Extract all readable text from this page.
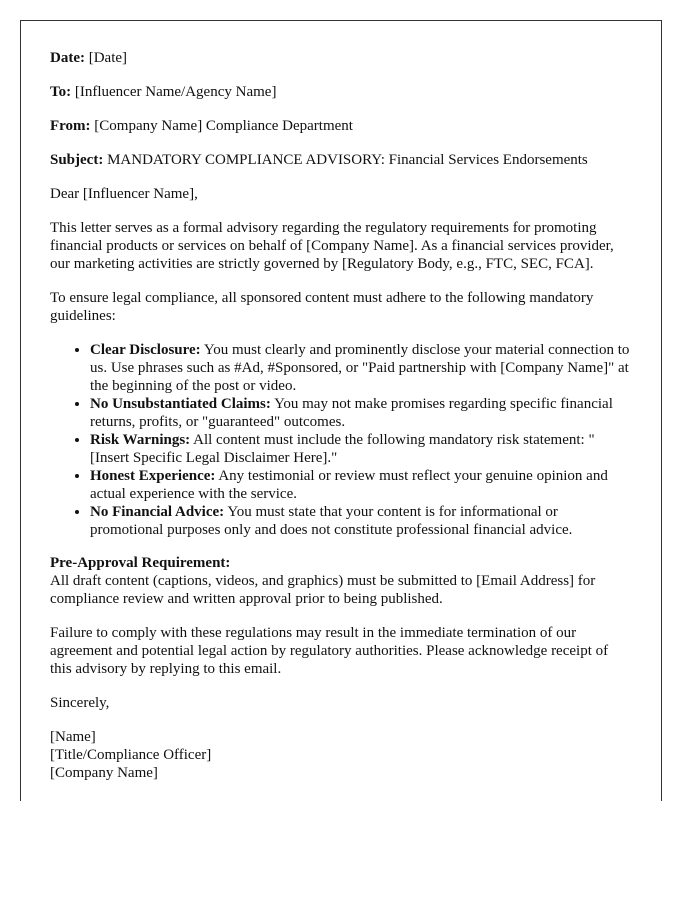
Date: [Date]

To: [Influencer Name/Agency Name]

From: [Company Name] Compliance Department

Subject: MANDATORY COMPLIANCE ADVISORY: Financial Services Endorsements

Dear [Influencer Name],

This letter serves as a formal advisory regarding the regulatory requirements for promoting financial products or services on behalf of [Company Name]. As a financial services provider, our marketing activities are strictly governed by [Regulatory Body, e.g., FTC, SEC, FCA].

To ensure legal compliance, all sponsored content must adhere to the following mandatory guidelines:

• Clear Disclosure: You must clearly and prominently disclose your material connection to us. Use phrases such as #Ad, #Sponsored, or "Paid partnership with [Company Name]" at the beginning of the post or video.
• No Unsubstantiated Claims: You may not make promises regarding specific financial returns, profits, or "guaranteed" outcomes.
• Risk Warnings: All content must include the following mandatory risk statement: "[Insert Specific Legal Disclaimer Here]."
• Honest Experience: Any testimonial or review must reflect your genuine opinion and actual experience with the service.
• No Financial Advice: You must state that your content is for informational or promotional purposes only and does not constitute professional financial advice.

Pre-Approval Requirement:
All draft content (captions, videos, and graphics) must be submitted to [Email Address] for compliance review and written approval prior to being published.

Failure to comply with these regulations may result in the immediate termination of our agreement and potential legal action by regulatory authorities. Please acknowledge receipt of this advisory by replying to this email.

Sincerely,

[Name]
[Title/Compliance Officer]
[Company Name]
